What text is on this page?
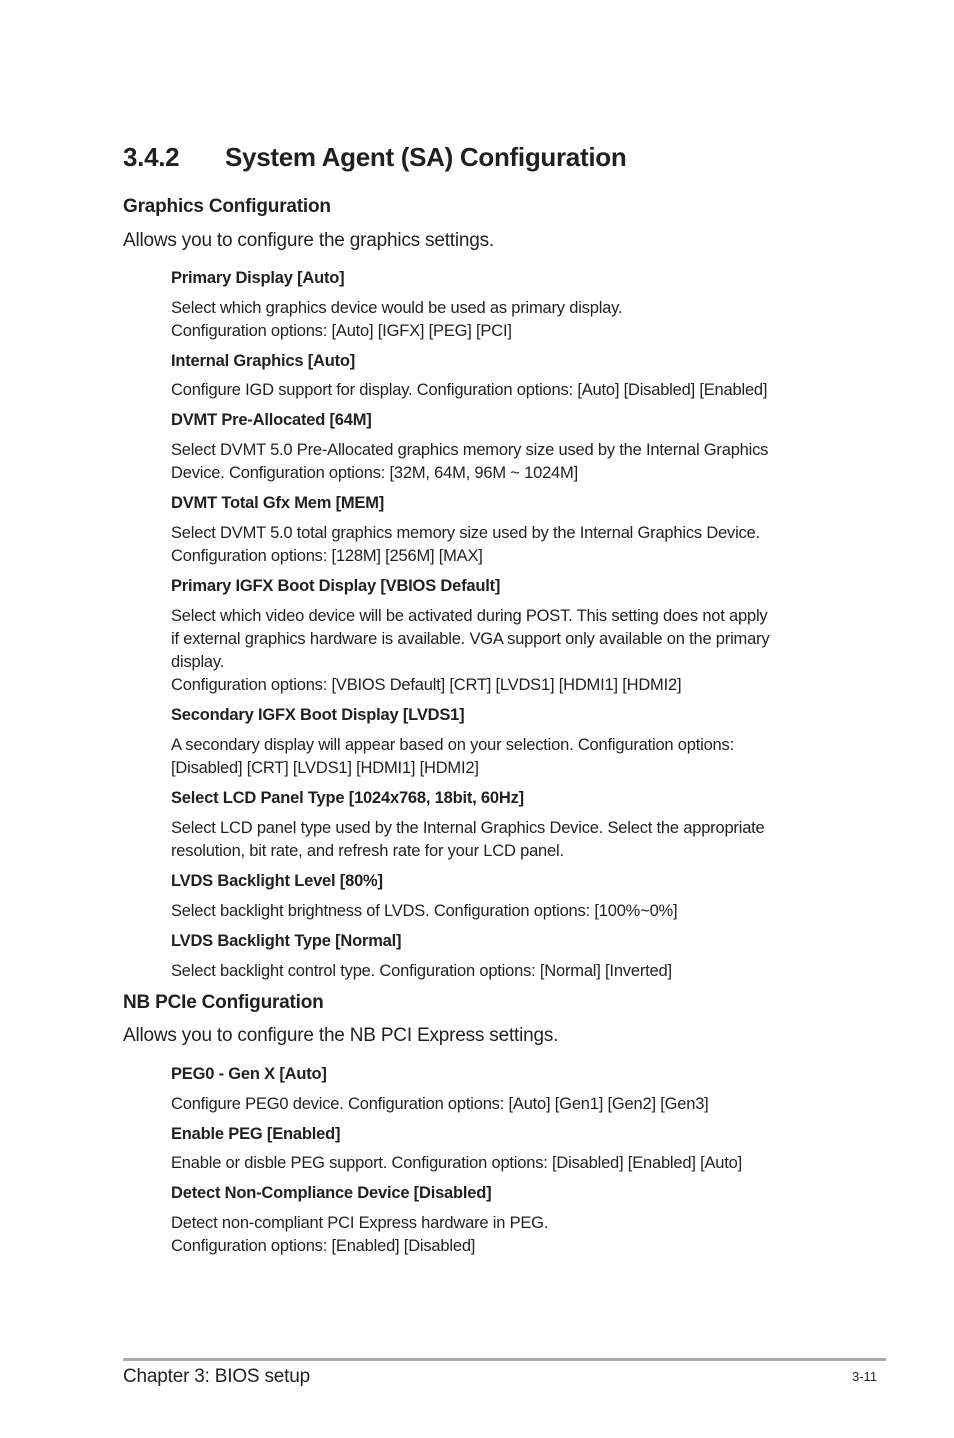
3.4.2 System Agent (SA) Configuration
Graphics Configuration
Allows you to configure the graphics settings.
Primary Display [Auto]
Select which graphics device would be used as primary display.
Configuration options: [Auto] [IGFX] [PEG] [PCI]
Internal Graphics [Auto]
Configure IGD support for display. Configuration options: [Auto] [Disabled] [Enabled]
DVMT Pre-Allocated [64M]
Select DVMT 5.0 Pre-Allocated graphics memory size used by the Internal Graphics
Device. Configuration options: [32M, 64M, 96M ~ 1024M]
DVMT Total Gfx Mem [MEM]
Select DVMT 5.0 total graphics memory size used by the Internal Graphics Device.
Configuration options: [128M] [256M] [MAX]
Primary IGFX Boot Display [VBIOS Default]
Select which video device will be activated during POST. This setting does not apply
if external graphics hardware is available. VGA support only available on the primary
display.
Configuration options: [VBIOS Default] [CRT] [LVDS1] [HDMI1] [HDMI2]
Secondary IGFX Boot Display [LVDS1]
A secondary display will appear based on your selection. Configuration options:
[Disabled] [CRT] [LVDS1] [HDMI1] [HDMI2]
Select LCD Panel Type [1024x768, 18bit, 60Hz]
Select LCD panel type used by the Internal Graphics Device. Select the appropriate
resolution, bit rate, and refresh rate for your LCD panel.
LVDS Backlight Level [80%]
Select backlight brightness of LVDS. Configuration options: [100%~0%]
LVDS Backlight Type [Normal]
Select backlight control type. Configuration options: [Normal] [Inverted]
NB PCIe Configuration
Allows you to configure the NB PCI Express settings.
PEG0 - Gen X [Auto]
Configure PEG0 device. Configuration options: [Auto] [Gen1] [Gen2] [Gen3]
Enable PEG [Enabled]
Enable or disble PEG support. Configuration options: [Disabled] [Enabled] [Auto]
Detect Non-Compliance Device [Disabled]
Detect non-compliant PCI Express hardware in PEG.
Configuration options: [Enabled] [Disabled]
Chapter 3: BIOS setup	3-11
